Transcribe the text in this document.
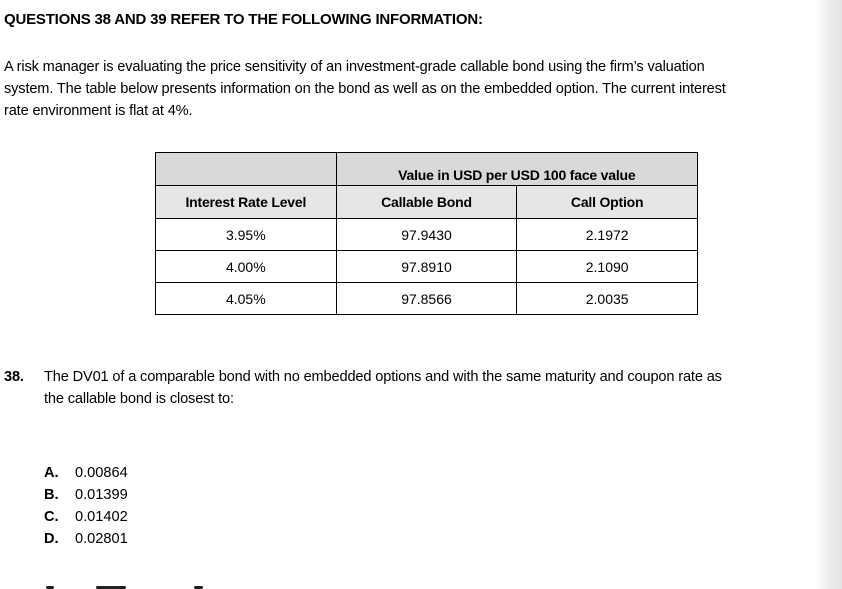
QUESTIONS 38 AND 39 REFER TO THE FOLLOWING INFORMATION:
A risk manager is evaluating the price sensitivity of an investment-grade callable bond using the firm’s valuation
system. The table below presents information on the bond as well as on the embedded option. The current interest
rate environment is flat at 4%.
	Value in USD per USD 100 face value	
Interest Rate Level	Callable Bond	Call Option
3.95%	97.9430	2.1972
4.00%	97.8910	2.1090
4.05%	97.8566	2.0035
38. The DV01 of a comparable bond with no embedded options and with the same maturity and coupon rate as
the callable bond is closest to:
A.	0.00864
B.	0.01399
C.	0.01402
D.	0.02801
